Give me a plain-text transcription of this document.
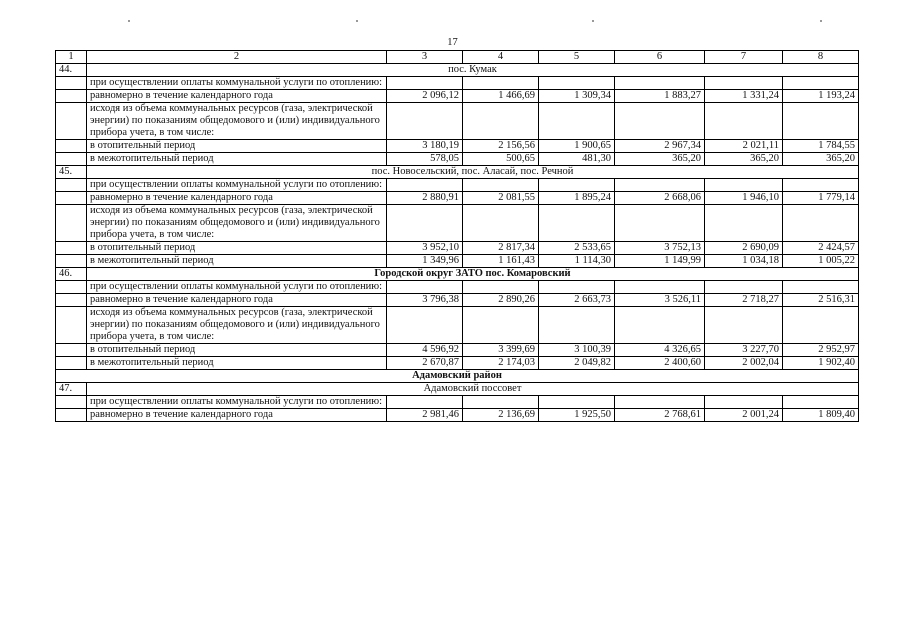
17
1	2	3	4	5	6	7	8
44.	пос. Кумак						
	при осуществлении оплаты коммунальной услуги по отоплению:						
	равномерно в течение календарного года	2 096,12	1 466,69	1 309,34	1 883,27	1 331,24	1 193,24
	исходя из объема коммунальных ресурсов (газа, электрической энергии) по показаниям общедомового и (или) индивидуального прибора учета, в том числе:						
	в отопительный период	3 180,19	2 156,56	1 900,65	2 967,34	2 021,11	1 784,55
	в межотопительный период	578,05	500,65	481,30	365,20	365,20	365,20
45.	пос. Новосельский, пос. Аласай, пос. Речной						
	при осуществлении оплаты коммунальной услуги по отоплению:						
	равномерно в течение календарного года	2 880,91	2 081,55	1 895,24	2 668,06	1 946,10	1 779,14
	исходя из объема коммунальных ресурсов (газа, электрической энергии) по показаниям общедомового и (или) индивидуального прибора учета, в том числе:						
	в отопительный период	3 952,10	2 817,34	2 533,65	3 752,13	2 690,09	2 424,57
	в межотопительный период	1 349,96	1 161,43	1 114,30	1 149,99	1 034,18	1 005,22
46.	Городской округ ЗАТО пос. Комаровский						
	при осуществлении оплаты коммунальной услуги по отоплению:						
	равномерно в течение календарного года	3 796,38	2 890,26	2 663,73	3 526,11	2 718,27	2 516,31
	исходя из объема коммунальных ресурсов (газа, электрической энергии) по показаниям общедомового и (или) индивидуального прибора учета, в том числе:						
	в отопительный период	4 596,92	3 399,69	3 100,39	4 326,65	3 227,70	2 952,97
	в межотопительный период	2 670,87	2 174,03	2 049,82	2 400,60	2 002,04	1 902,40
Адамовский район							
47.	Адамовский поссовет						
	при осуществлении оплаты коммунальной услуги по отоплению:						
	равномерно в течение календарного года	2 981,46	2 136,69	1 925,50	2 768,61	2 001,24	1 809,40
